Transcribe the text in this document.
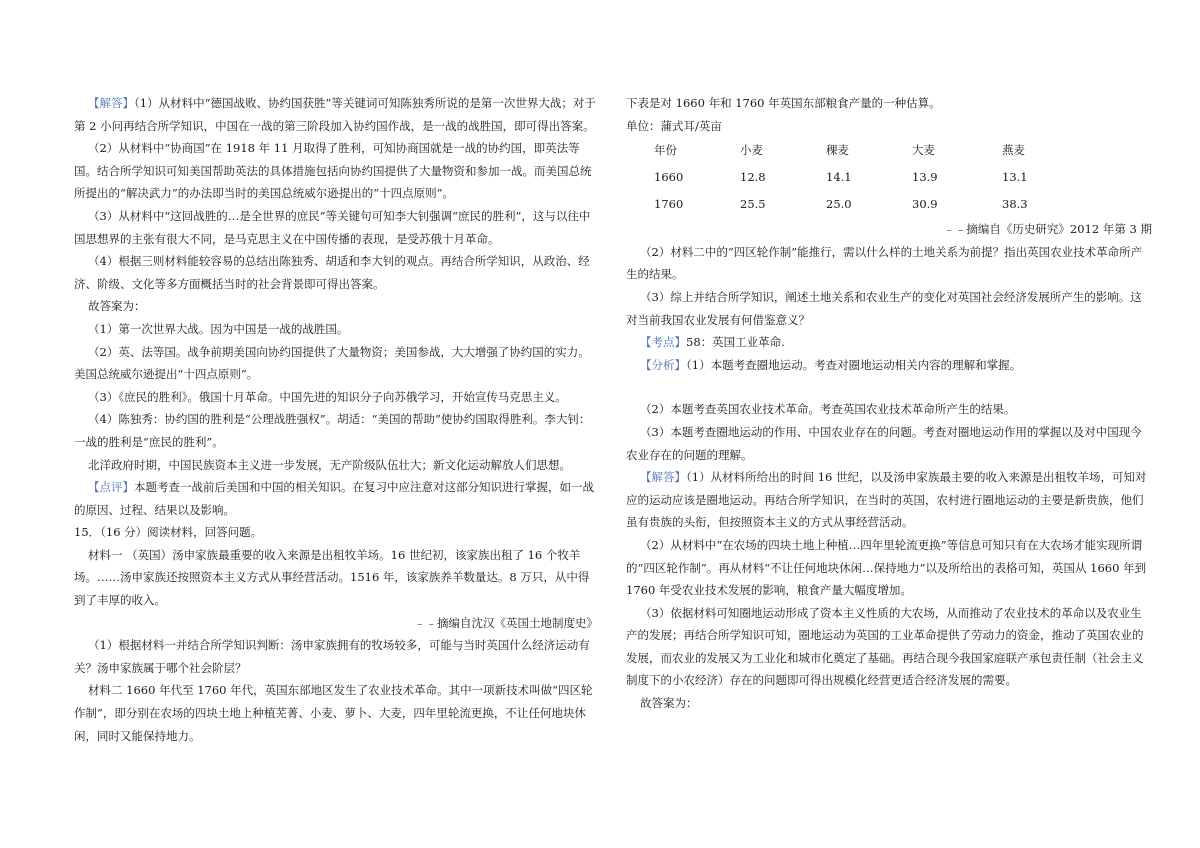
【解答】（1）从材料中“德国战败、协约国获胜”等关键词可知陈独秀所说的是第一次世界大战；对于第 2 小问再结合所学知识，中国在一战的第三阶段加入协约国作战，是一战的战胜国，即可得出答案。

（2）从材料中“协商国”在 1918 年 11 月取得了胜利，可知协商国就是一战的协约国，即英法等国。结合所学知识可知美国帮助英法的具体措施包括向协约国提供了大量物资和参加一战。而美国总统所提出的“解决武力”的办法即当时的美国总统威尔逊提出的“十四点原则”。

（3）从材料中“这回战胜的…是全世界的庶民”等关键句可知李大钊强调“庶民的胜利”，这与以往中国思想界的主张有很大不同，是马克思主义在中国传播的表现，是受苏俄十月革命。

（4）根据三则材料能较容易的总结出陈独秀、胡适和李大钊的观点。再结合所学知识，从政治、经济、阶级、文化等多方面概括当时的社会背景即可得出答案。

故答案为：

（1）第一次世界大战。因为中国是一战的战胜国。

（2）英、法等国。战争前期美国向协约国提供了大量物资；美国参战，大大增强了协约国的实力。美国总统威尔逊提出“十四点原则”。

（3）《庶民的胜利》。俄国十月革命。中国先进的知识分子向苏俄学习，开始宣传马克思主义。

（4）陈独秀：协约国的胜利是“公理战胜强权”。胡适：“美国的帮助”使协约国取得胜利。李大钊：一战的胜利是“庶民的胜利”。

北洋政府时期，中国民族资本主义进一步发展，无产阶级队伍壮大；新文化运动解放人们思想。

【点评】本题考查一战前后美国和中国的相关知识。在复习中应注意对这部分知识进行掌握，如一战的原因、过程、结果以及影响。

15．（16 分）阅读材料，回答问题。

材料一 （英国）汤申家族最重要的收入来源是出租牧羊场。16 世纪初，该家族出租了 16 个牧羊场。……汤申家族还按照资本主义方式从事经营活动。1516 年，该家族养羊数量达。8 万只，从中得到了丰厚的收入。

﹣﹣摘编自沈汉《英国土地制度史》

（1）根据材料一并结合所学知识判断：汤申家族拥有的牧场较多，可能与当时英国什么经济运动有关？汤申家族属于哪个社会阶层？

材料二 1660 年代至 1760 年代，英国东部地区发生了农业技术革命。其中一项新技术叫做“四区轮作制”，即分别在农场的四块土地上种植芜菁、小麦、萝卜、大麦，四年里轮流更换，不让任何地块休闲，同时又能保持地力。

下表是对 1660 年和 1760 年英国东部粮食产量的一种估算。

单位：蒲式耳/英亩

年份	小麦	稞麦	大麦	燕麦
1660	12.8	14.1	13.9	13.1
1760	25.5	25.0	30.9	38.3

﹣﹣摘编自《历史研究》2012 年第 3 期

（2）材料二中的“四区轮作制”能推行，需以什么样的土地关系为前提？指出英国农业技术革命所产生的结果。

（3）综上并结合所学知识，阐述土地关系和农业生产的变化对英国社会经济发展所产生的影响。这对当前我国农业发展有何借鉴意义？

【考点】58：英国工业革命.

【分析】（1）本题考查圈地运动。考查对圈地运动相关内容的理解和掌握。

（2）本题考查英国农业技术革命。考查英国农业技术革命所产生的结果。

（3）本题考查圈地运动的作用、中国农业存在的问题。考查对圈地运动作用的掌握以及对中国现今农业存在的问题的理解。

【解答】（1）从材料所给出的时间 16 世纪，以及汤申家族最主要的收入来源是出租牧羊场，可知对应的运动应该是圈地运动。再结合所学知识，在当时的英国，农村进行圈地运动的主要是新贵族，他们虽有贵族的头衔，但按照资本主义的方式从事经营活动。

（2）从材料中“在农场的四块土地上种植…四年里轮流更换”等信息可知只有在大农场才能实现所谓的“四区轮作制”。再从材料“不让任何地块休闲…保持地力”以及所给出的表格可知，英国从 1660 年到 1760 年受农业技术发展的影响，粮食产量大幅度增加。

（3）依据材料可知圈地运动形成了资本主义性质的大农场，从而推动了农业技术的革命以及农业生产的发展；再结合所学知识可知，圈地运动为英国的工业革命提供了劳动力的资金，推动了英国农业的发展，而农业的发展又为工业化和城市化奠定了基础。再结合现今我国家庭联产承包责任制（社会主义制度下的小农经济）存在的问题即可得出规模化经营更适合经济发展的需要。

故答案为：
